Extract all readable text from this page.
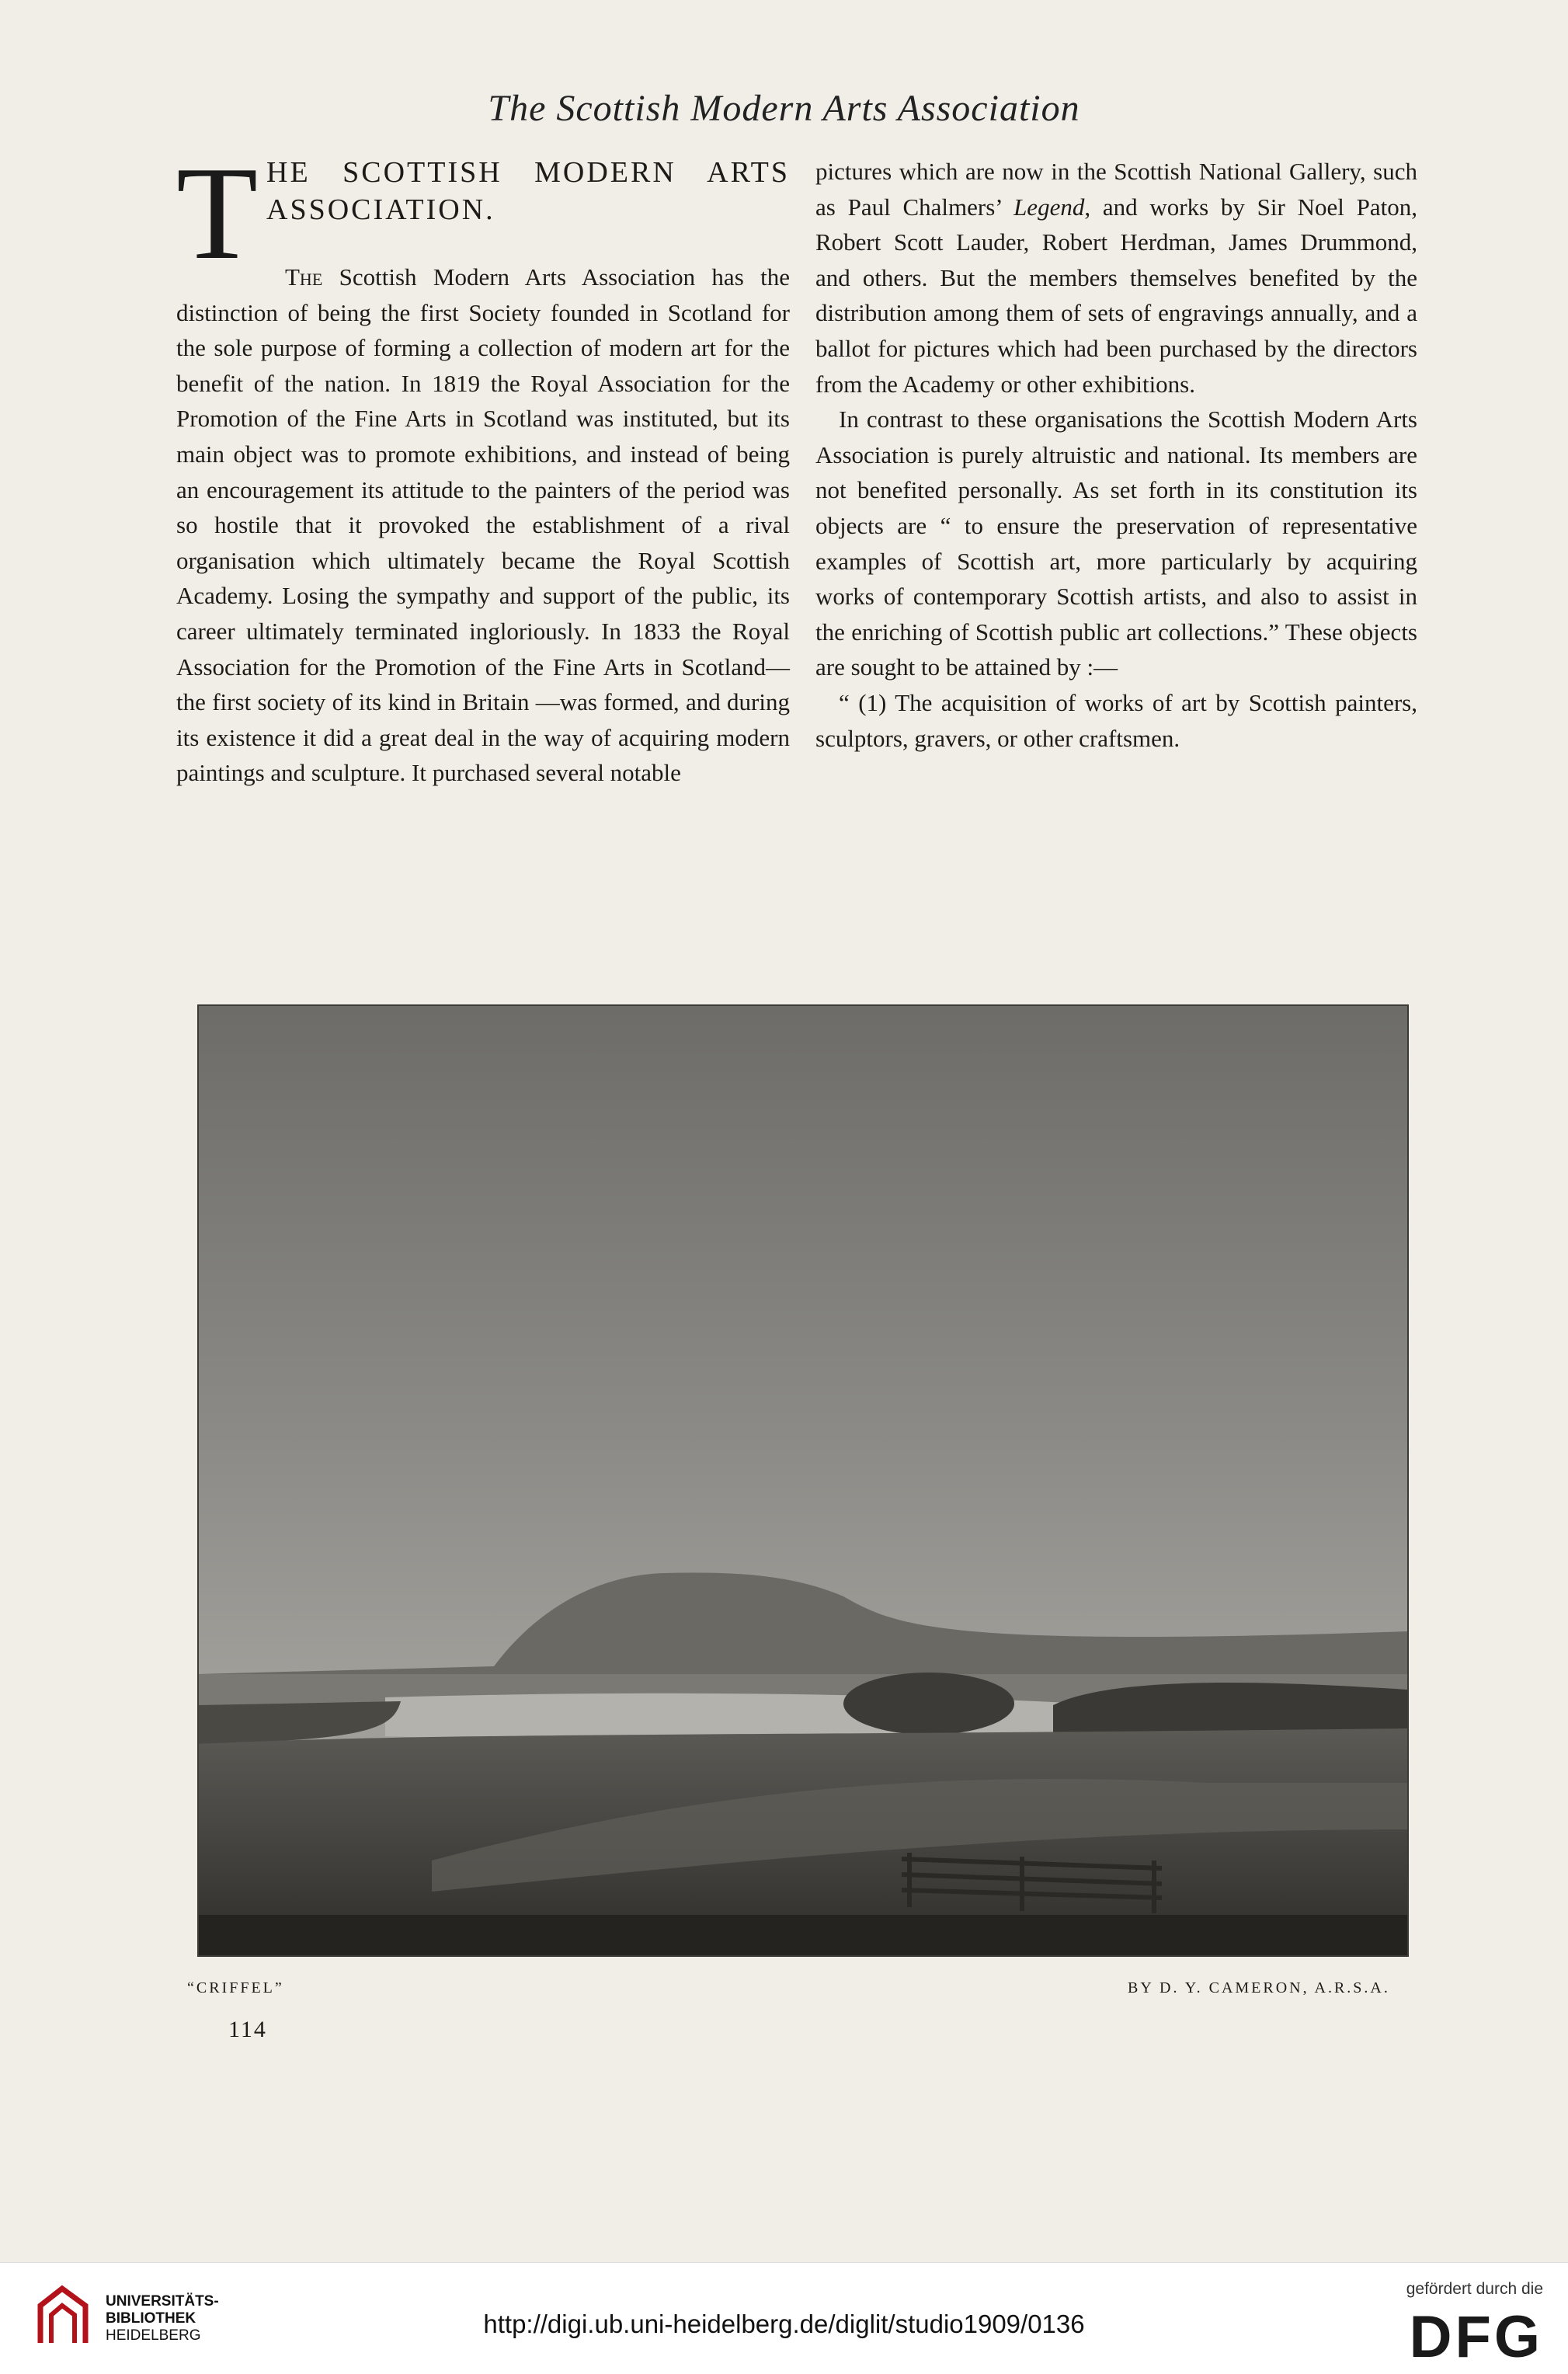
The Scottish Modern Arts Association
T HE SCOTTISH MODERN ARTS ASSOCIATION.

The Scottish Modern Arts Association has the distinction of being the first Society founded in Scotland for the sole purpose of forming a collection of modern art for the benefit of the nation. In 1819 the Royal Association for the Promotion of the Fine Arts in Scotland was instituted, but its main object was to promote exhibitions, and instead of being an encouragement its attitude to the painters of the period was so hostile that it provoked the establishment of a rival organisation which ultimately became the Royal Scottish Academy. Losing the sympathy and support of the public, its career ultimately terminated ingloriously. In 1833 the Royal Association for the Promotion of the Fine Arts in Scotland—the first society of its kind in Britain —was formed, and during its existence it did a great deal in the way of acquiring modern paintings and sculpture. It purchased several notable

pictures which are now in the Scottish National Gallery, such as Paul Chalmers’ Legend, and works by Sir Noel Paton, Robert Scott Lauder, Robert Herdman, James Drummond, and others. But the members themselves benefited by the distribution among them of sets of engravings annually, and a ballot for pictures which had been purchased by the directors from the Academy or other exhibitions.

In contrast to these organisations the Scottish Modern Arts Association is purely altruistic and national. Its members are not benefited personally. As set forth in its constitution its objects are “ to ensure the preservation of representative examples of Scottish art, more particularly by acquiring works of contemporary Scottish artists, and also to assist in the enriching of Scottish public art collections.” These objects are sought to be attained by :—

“ (1) The acquisition of works of art by Scottish painters, sculptors, gravers, or other craftsmen.

“CRIFFEL”	BY D. Y. CAMERON, A.R.S.A.
114
UNIVERSITÄTS-
BIBLIOTHEK
HEIDELBERG	http://digi.ub.uni-heidelberg.de/diglit/studio1909/0136
gefördert durch die
DFG
